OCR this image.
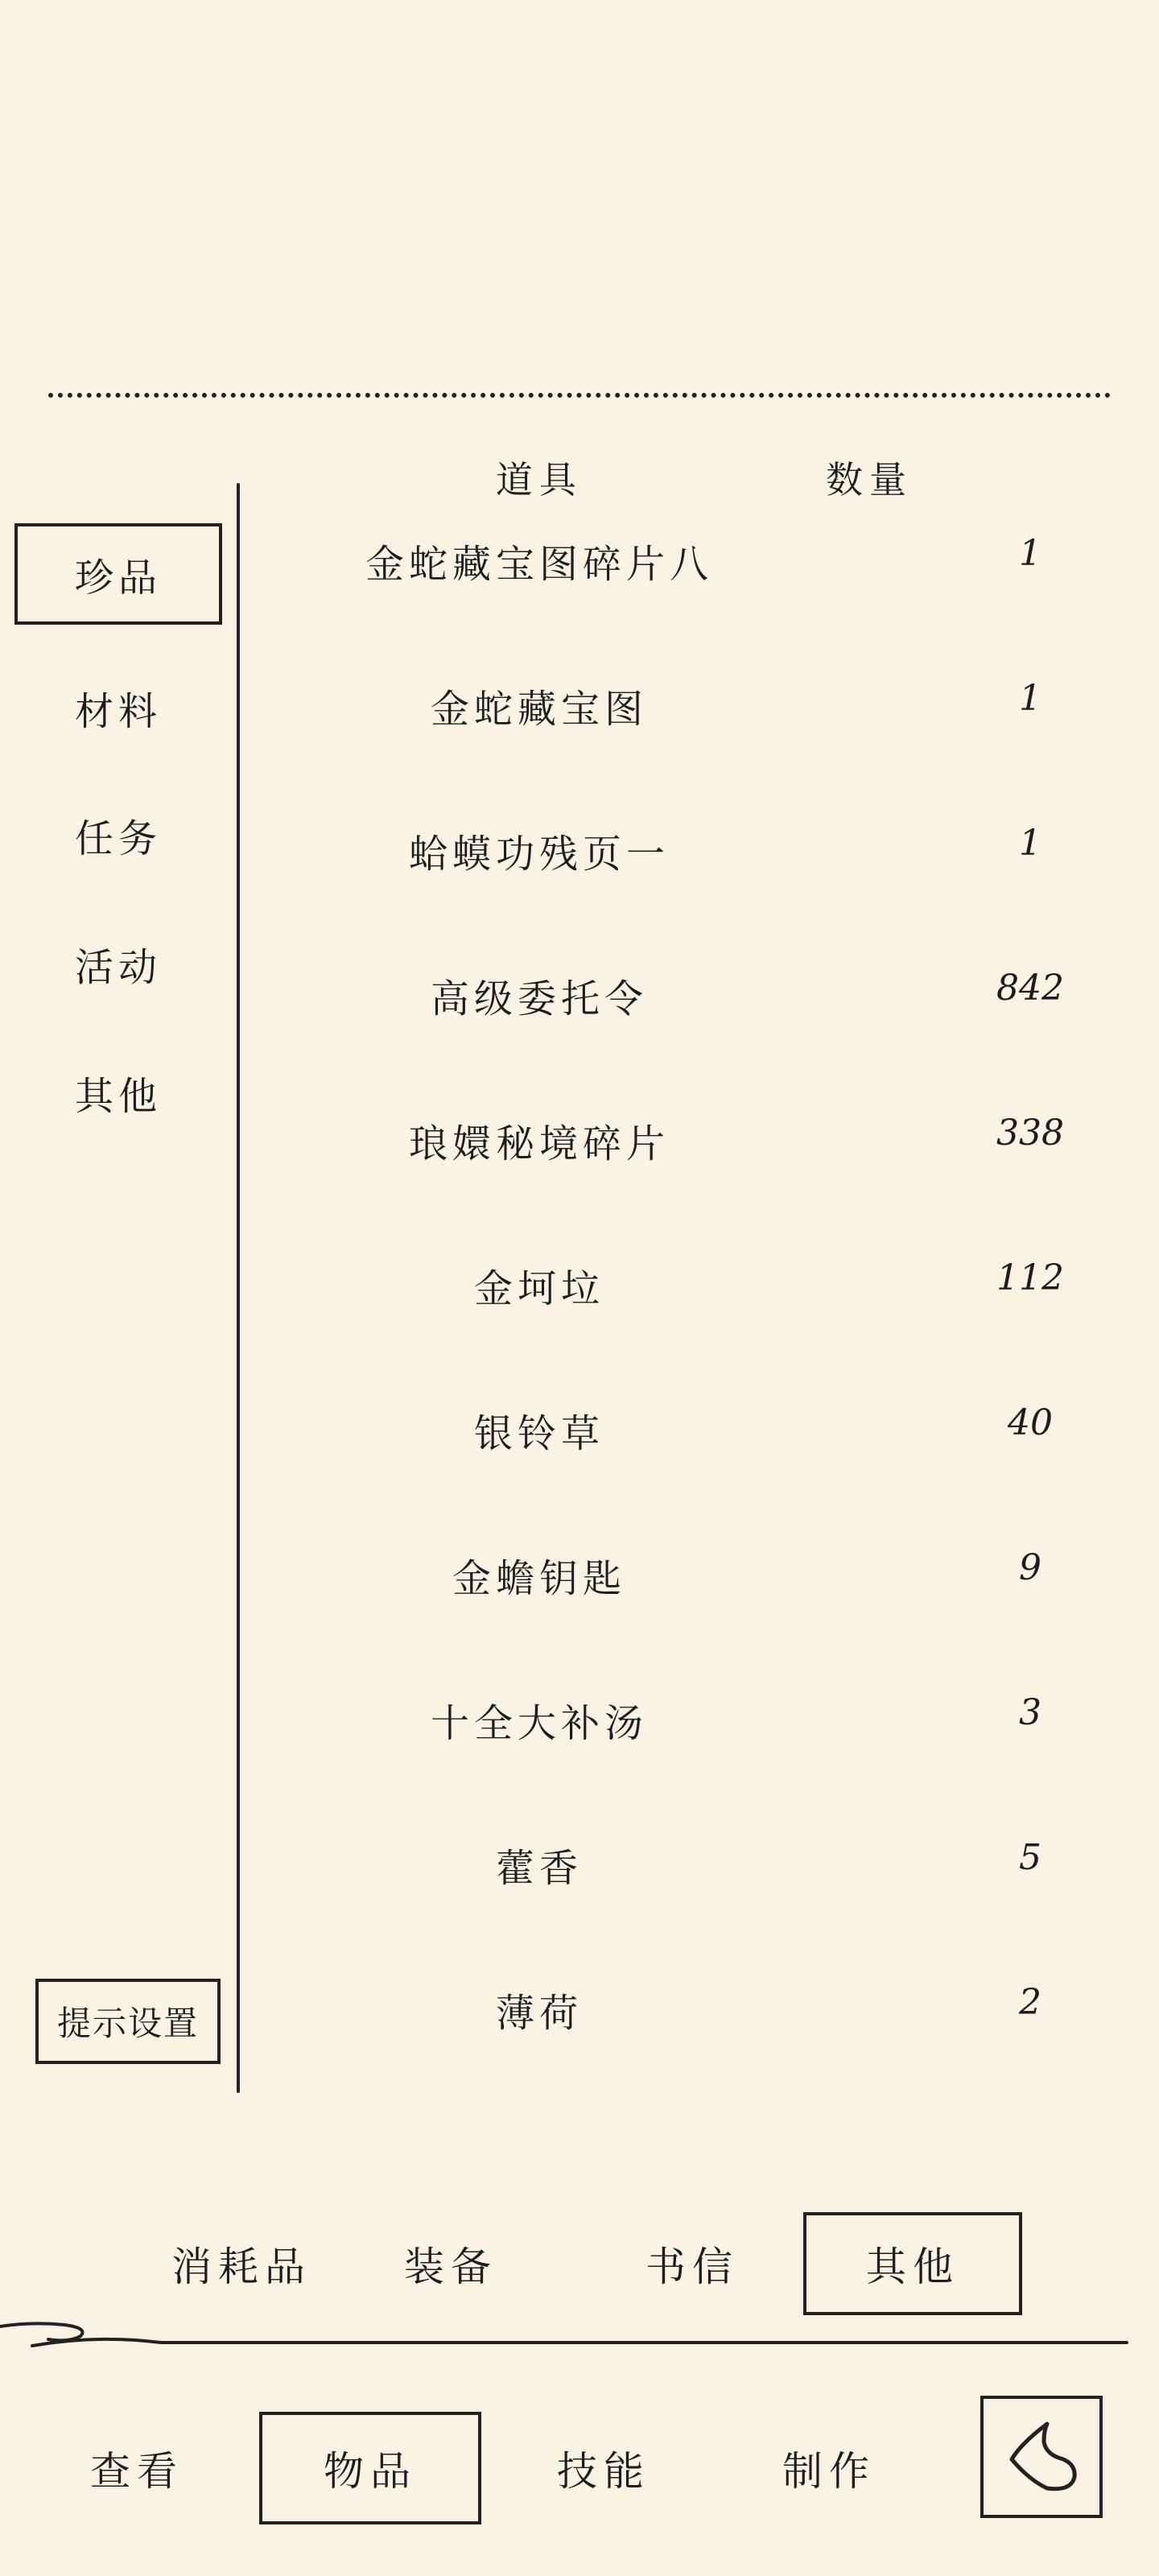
珍品
材料
任务
活动
其他
提示设置
道具	数量
金蛇藏宝图碎片八	1
金蛇藏宝图	1
蛤蟆功残页一	1
高级委托令	842
琅嬛秘境碎片	338
金坷垃	112
银铃草	40
金蟾钥匙	9
十全大补汤	3
藿香	5
薄荷	2
消耗品 装备	书信	其他
查看	物品	技能	制作
